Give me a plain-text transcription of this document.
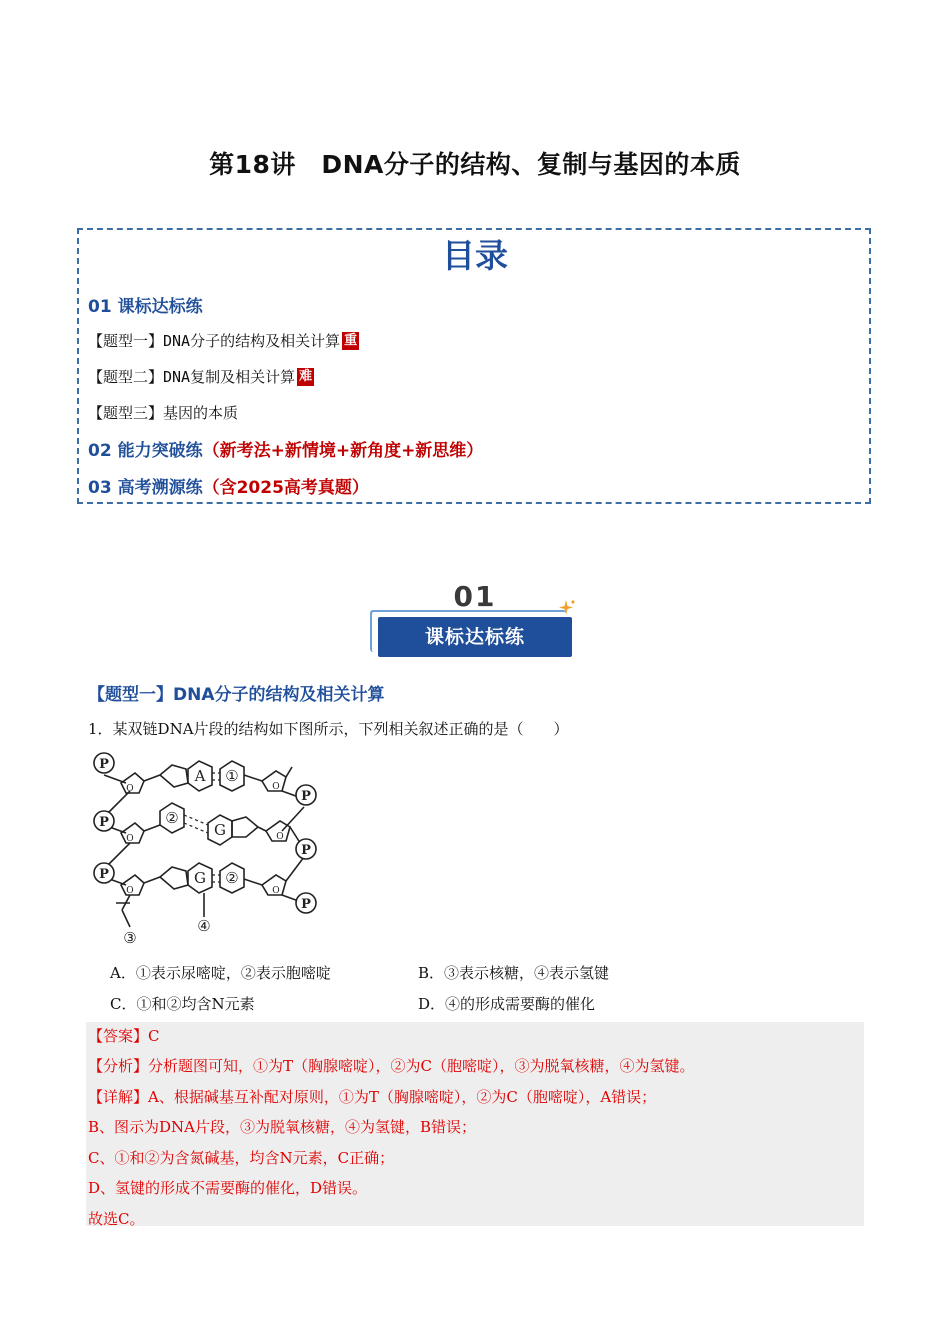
第18讲　DNA分子的结构、复制与基因的本质
目录
01 课标达标练
【题型一】DNA分子的结构及相关计算 重
【题型二】DNA复制及相关计算 难
【题型三】基因的本质
02 能力突破练（新考法+新情境+新角度+新思维）
03 高考溯源练（含2025高考真题）
01
课标达标练
【题型一】DNA分子的结构及相关计算
1．某双链DNA片段的结构如下图所示，下列相关叙述正确的是（　　）
P
P
P
P
P
P
O
O
O
O
O
O
A ①
②
G
G ②
③
④
A．①表示尿嘧啶，②表示胞嘧啶	B．③表示核糖，④表示氢键
C．①和②均含N元素	D．④的形成需要酶的催化
【答案】C
【分析】分析题图可知，①为T（胸腺嘧啶），②为C（胞嘧啶），③为脱氧核糖，④为氢键。
【详解】A、根据碱基互补配对原则，①为T（胸腺嘧啶），②为C（胞嘧啶），A错误；
B、图示为DNA片段，③为脱氧核糖，④为氢键，B错误；
C、①和②为含氮碱基，均含N元素，C正确；
D、氢键的形成不需要酶的催化，D错误。
故选C。
